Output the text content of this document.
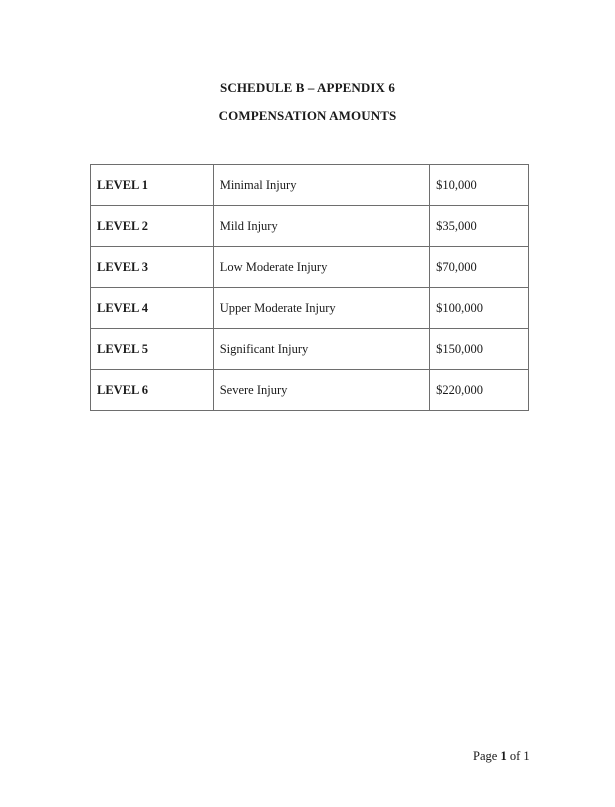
SCHEDULE B – APPENDIX 6
COMPENSATION AMOUNTS
LEVEL 1	Minimal Injury	$10,000
LEVEL 2	Mild Injury	$35,000
LEVEL 3	Low Moderate Injury	$70,000
LEVEL 4	Upper Moderate Injury	$100,000
LEVEL 5	Significant Injury	$150,000
LEVEL 6	Severe Injury	$220,000
Page 1 of 1
